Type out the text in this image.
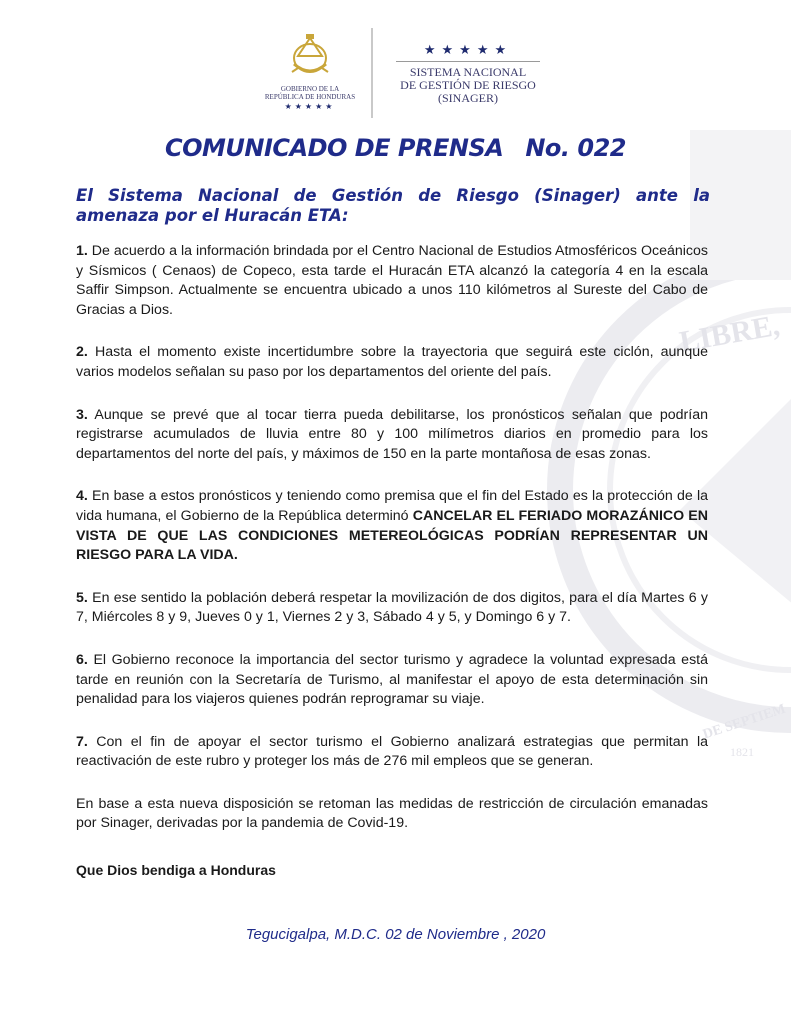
LIBRE,
DE SEPTIEM
1821
GOBIERNO DE LA
REPÚBLICA DE HONDURAS
★★★★★
★★★★★
SISTEMA NACIONAL
DE GESTIÓN DE RIESGO
(SINAGER)
COMUNICADO DE PRENSA No. 022
El Sistema Nacional de Gestión de Riesgo (Sinager) ante la amenaza por el Huracán ETA:

1. De acuerdo a la información brindada por el Centro Nacional de Estudios Atmosféricos Oceánicos y Sísmicos ( Cenaos) de Copeco, esta tarde el Huracán ETA alcanzó la categoría 4 en la escala Saffir Simpson. Actualmente se encuentra ubicado a unos 110 kilómetros al Sureste del Cabo de Gracias a Dios.

2. Hasta el momento existe incertidumbre sobre la trayectoria que seguirá este ciclón, aunque varios modelos señalan su paso por los departamentos del oriente del país.

3. Aunque se prevé que al tocar tierra pueda debilitarse, los pronósticos señalan que podrían registrarse acumulados de lluvia entre 80 y 100 milímetros diarios en promedio para los departamentos del norte del país, y máximos de 150 en la parte montañosa de esas zonas.

4. En base a estos pronósticos y teniendo como premisa que el fin del Estado es la protección de la vida humana, el Gobierno de la República determinó CANCELAR EL FERIADO MORAZÁNICO EN VISTA DE QUE LAS CONDICIONES METEREOLÓGICAS PODRÍAN REPRESENTAR UN RIESGO PARA LA VIDA.

5. En ese sentido la población deberá respetar la movilización de dos digitos, para el día Martes 6 y 7, Miércoles 8 y 9, Jueves 0 y 1, Viernes 2 y 3, Sábado 4 y 5, y Domingo 6 y 7.

6. El Gobierno reconoce la importancia del sector turismo y agradece la voluntad expresada está tarde en reunión con la Secretaría de Turismo, al manifestar el apoyo de esta determinación sin penalidad para los viajeros quienes podrán reprogramar su viaje.

7. Con el fin de apoyar el sector turismo el Gobierno analizará estrategias que permitan la reactivación de este rubro y proteger los más de 276 mil empleos que se generan.

En base a esta nueva disposición se retoman las medidas de restricción de circulación emanadas por Sinager, derivadas por la pandemia de Covid-19.

Que Dios bendiga a Honduras
Tegucigalpa, M.D.C. 02 de Noviembre , 2020
